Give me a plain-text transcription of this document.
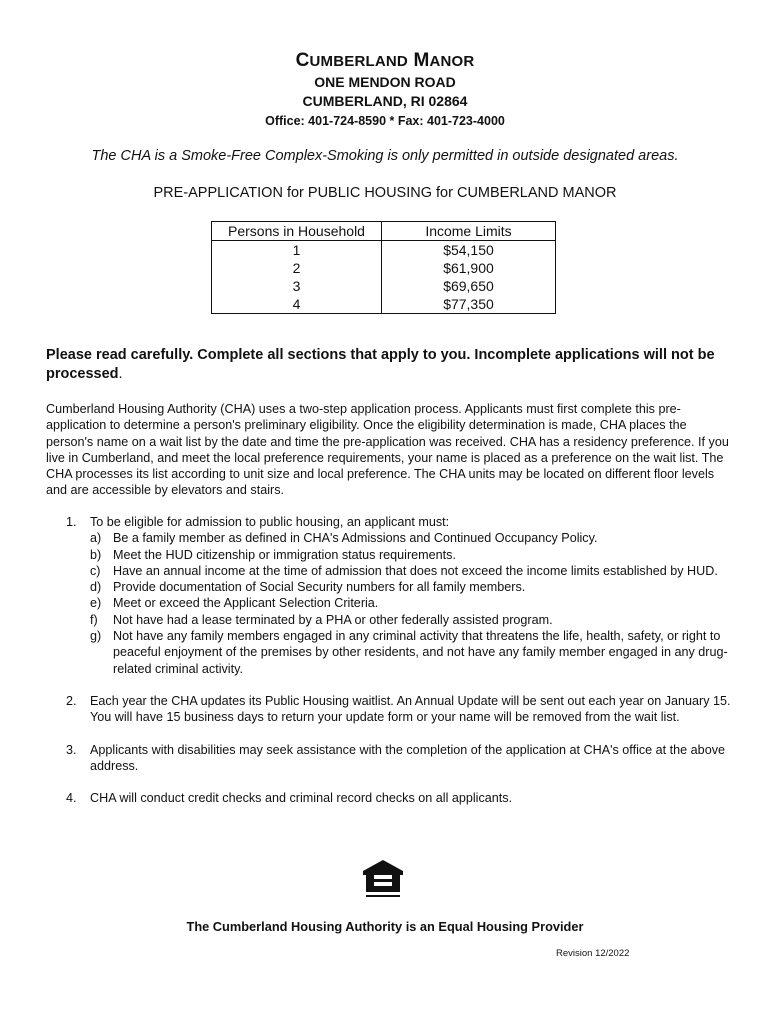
CUMBERLAND MANOR
ONE MENDON ROAD
CUMBERLAND, RI 02864
Office: 401-724-8590 * Fax: 401-723-4000
The CHA is a Smoke-Free Complex-Smoking is only permitted in outside designated areas.
PRE-APPLICATION for PUBLIC HOUSING for CUMBERLAND MANOR
Persons in Household	Income Limits
1	$54,150
2	$61,900
3	$69,650
4	$77,350
Please read carefully. Complete all sections that apply to you. Incomplete applications will not be processed.
Cumberland Housing Authority (CHA) uses a two-step application process. Applicants must first complete this pre-application to determine a person's preliminary eligibility. Once the eligibility determination is made, CHA places the person's name on a wait list by the date and time the pre-application was received. CHA has a residency preference. If you live in Cumberland, and meet the local preference requirements, your name is placed as a preference on the wait list. The CHA processes its list according to unit size and local preference. The CHA units may be located on different floor levels and are accessible by elevators and stairs.
1. To be eligible for admission to public housing, an applicant must:
a) Be a family member as defined in CHA's Admissions and Continued Occupancy Policy.
b) Meet the HUD citizenship or immigration status requirements.
c) Have an annual income at the time of admission that does not exceed the income limits established by HUD.
d) Provide documentation of Social Security numbers for all family members.
e) Meet or exceed the Applicant Selection Criteria.
f) Not have had a lease terminated by a PHA or other federally assisted program.
g) Not have any family members engaged in any criminal activity that threatens the life, health, safety, or right to peaceful enjoyment of the premises by other residents, and not have any family member engaged in any drug-related criminal activity.
2. Each year the CHA updates its Public Housing waitlist. An Annual Update will be sent out each year on January 15. You will have 15 business days to return your update form or your name will be removed from the wait list.
3. Applicants with disabilities may seek assistance with the completion of the application at CHA's office at the above address.
4. CHA will conduct credit checks and criminal record checks on all applicants.
The Cumberland Housing Authority is an Equal Housing Provider
Revision 12/2022
